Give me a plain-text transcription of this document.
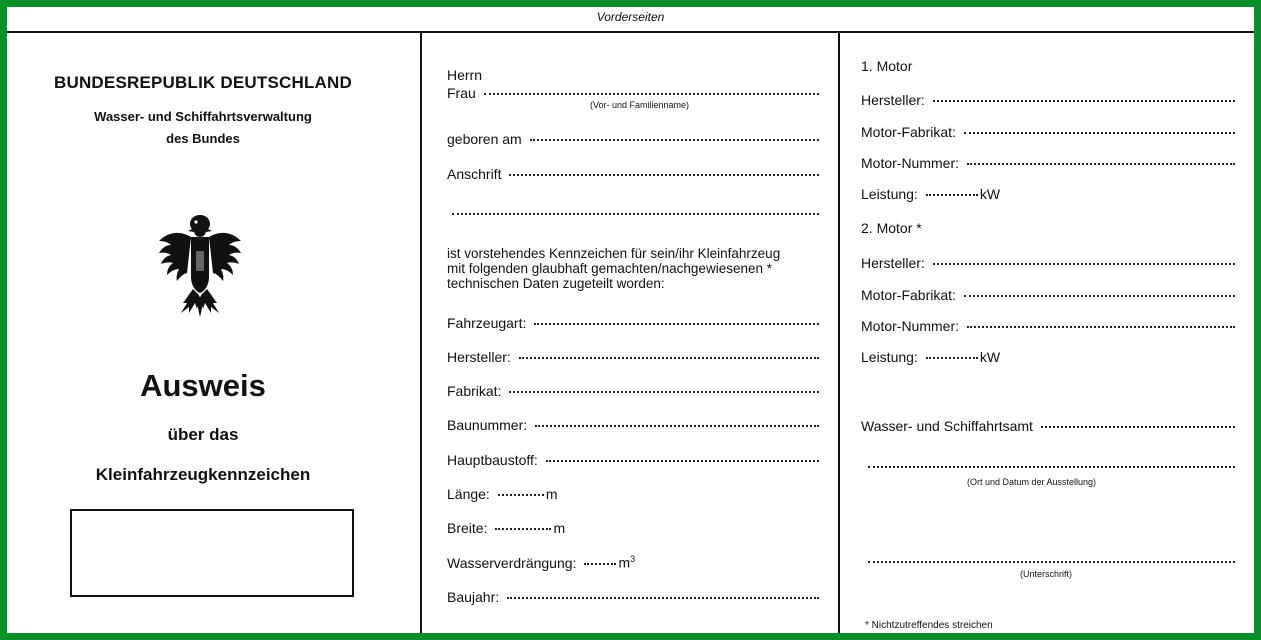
Vorderseiten
BUNDESREPUBLIK DEUTSCHLAND
Wasser- und Schiffahrtsverwaltung
des Bundes
Ausweis
über das
Kleinfahrzeugkennzeichen
Herrn
Frau
(Vor- und Familienname)
geboren am
Anschrift
ist vorstehendes Kennzeichen für sein/ihr Kleinfahrzeug
mit folgenden glaubhaft gemachten/nachgewiesenen *
technischen Daten zugeteilt worden:
Fahrzeugart:
Hersteller:
Fabrikat:
Baunummer:
Hauptbaustoff:
Länge:	m
Breite:	m
Wasserverdrängung:	$m^3$
Baujahr:
1. Motor
Hersteller:
Motor-Fabrikat:
Motor-Nummer:
Leistung:	kW
2. Motor *
Hersteller:
Motor-Fabrikat:
Motor-Nummer:
Leistung:	kW
Wasser- und Schiffahrtsamt
(Ort und Datum der Ausstellung)
(Unterschrift)
* Nichtzutreffendes streichen
